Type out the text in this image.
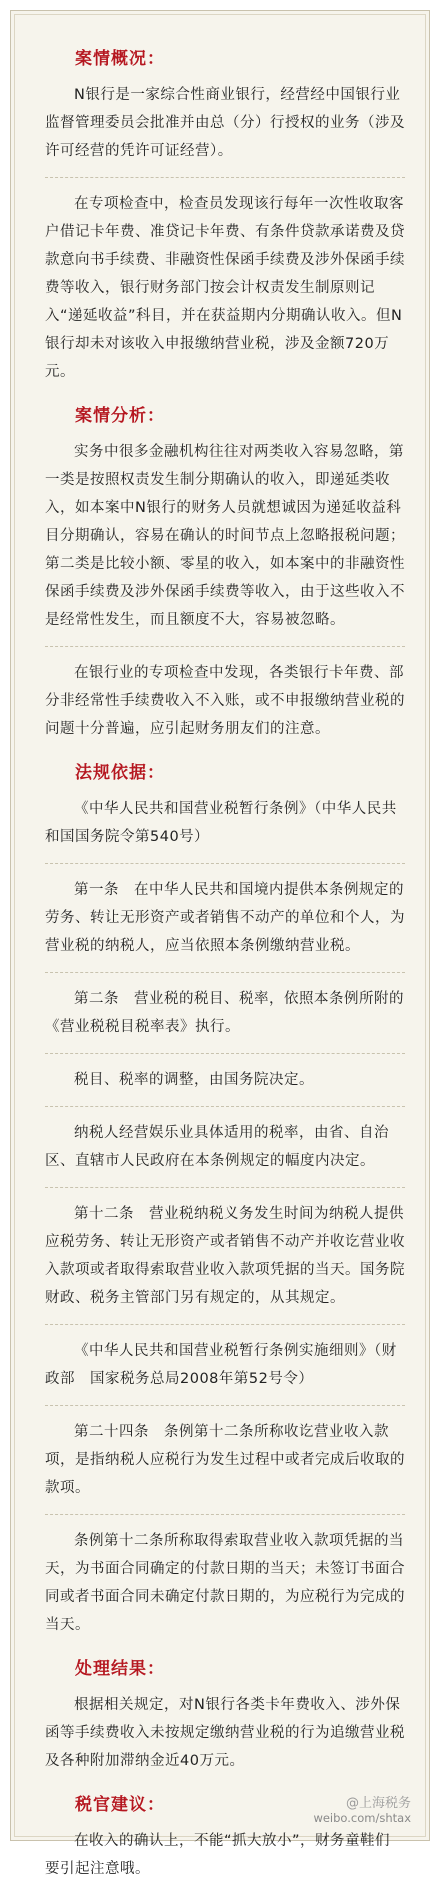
案情概况：
N银行是一家综合性商业银行，经营经中国银行业监督管理委员会批准并由总（分）行授权的业务（涉及许可经营的凭许可证经营）。
在专项检查中，检查员发现该行每年一次性收取客户借记卡年费、准贷记卡年费、有条件贷款承诺费及贷款意向书手续费、非融资性保函手续费及涉外保函手续费等收入，银行财务部门按会计权责发生制原则记入“递延收益”科目，并在获益期内分期确认收入。但N银行却未对该收入申报缴纳营业税，涉及金额720万元。
案情分析：
实务中很多金融机构往往对两类收入容易忽略，第一类是按照权责发生制分期确认的收入，即递延类收入，如本案中N银行的财务人员就想诚因为递延收益科目分期确认，容易在确认的时间节点上忽略报税问题；第二类是比较小额、零星的收入，如本案中的非融资性保函手续费及涉外保函手续费等收入，由于这些收入不是经常性发生，而且额度不大，容易被忽略。
在银行业的专项检查中发现，各类银行卡年费、部分非经常性手续费收入不入账，或不申报缴纳营业税的问题十分普遍，应引起财务朋友们的注意。
法规依据：
《中华人民共和国营业税暂行条例》（中华人民共和国国务院令第540号）
第一条　在中华人民共和国境内提供本条例规定的劳务、转让无形资产或者销售不动产的单位和个人，为营业税的纳税人，应当依照本条例缴纳营业税。
第二条　营业税的税目、税率，依照本条例所附的《营业税税目税率表》执行。
税目、税率的调整，由国务院决定。
纳税人经营娱乐业具体适用的税率，由省、自治区、直辖市人民政府在本条例规定的幅度内决定。
第十二条　营业税纳税义务发生时间为纳税人提供应税劳务、转让无形资产或者销售不动产并收讫营业收入款项或者取得索取营业收入款项凭据的当天。国务院财政、税务主管部门另有规定的，从其规定。
《中华人民共和国营业税暂行条例实施细则》（财政部　国家税务总局2008年第52号令）
第二十四条　条例第十二条所称收讫营业收入款项，是指纳税人应税行为发生过程中或者完成后收取的款项。
条例第十二条所称取得索取营业收入款项凭据的当天，为书面合同确定的付款日期的当天；未签订书面合同或者书面合同未确定付款日期的，为应税行为完成的当天。
处理结果：
根据相关规定，对N银行各类卡年费收入、涉外保函等手续费收入未按规定缴纳营业税的行为追缴营业税及各种附加滞纳金近40万元。
税官建议：
在收入的确认上，不能“抓大放小”，财务童鞋们要引起注意哦。
@上海税务
weibo.com/shtax
